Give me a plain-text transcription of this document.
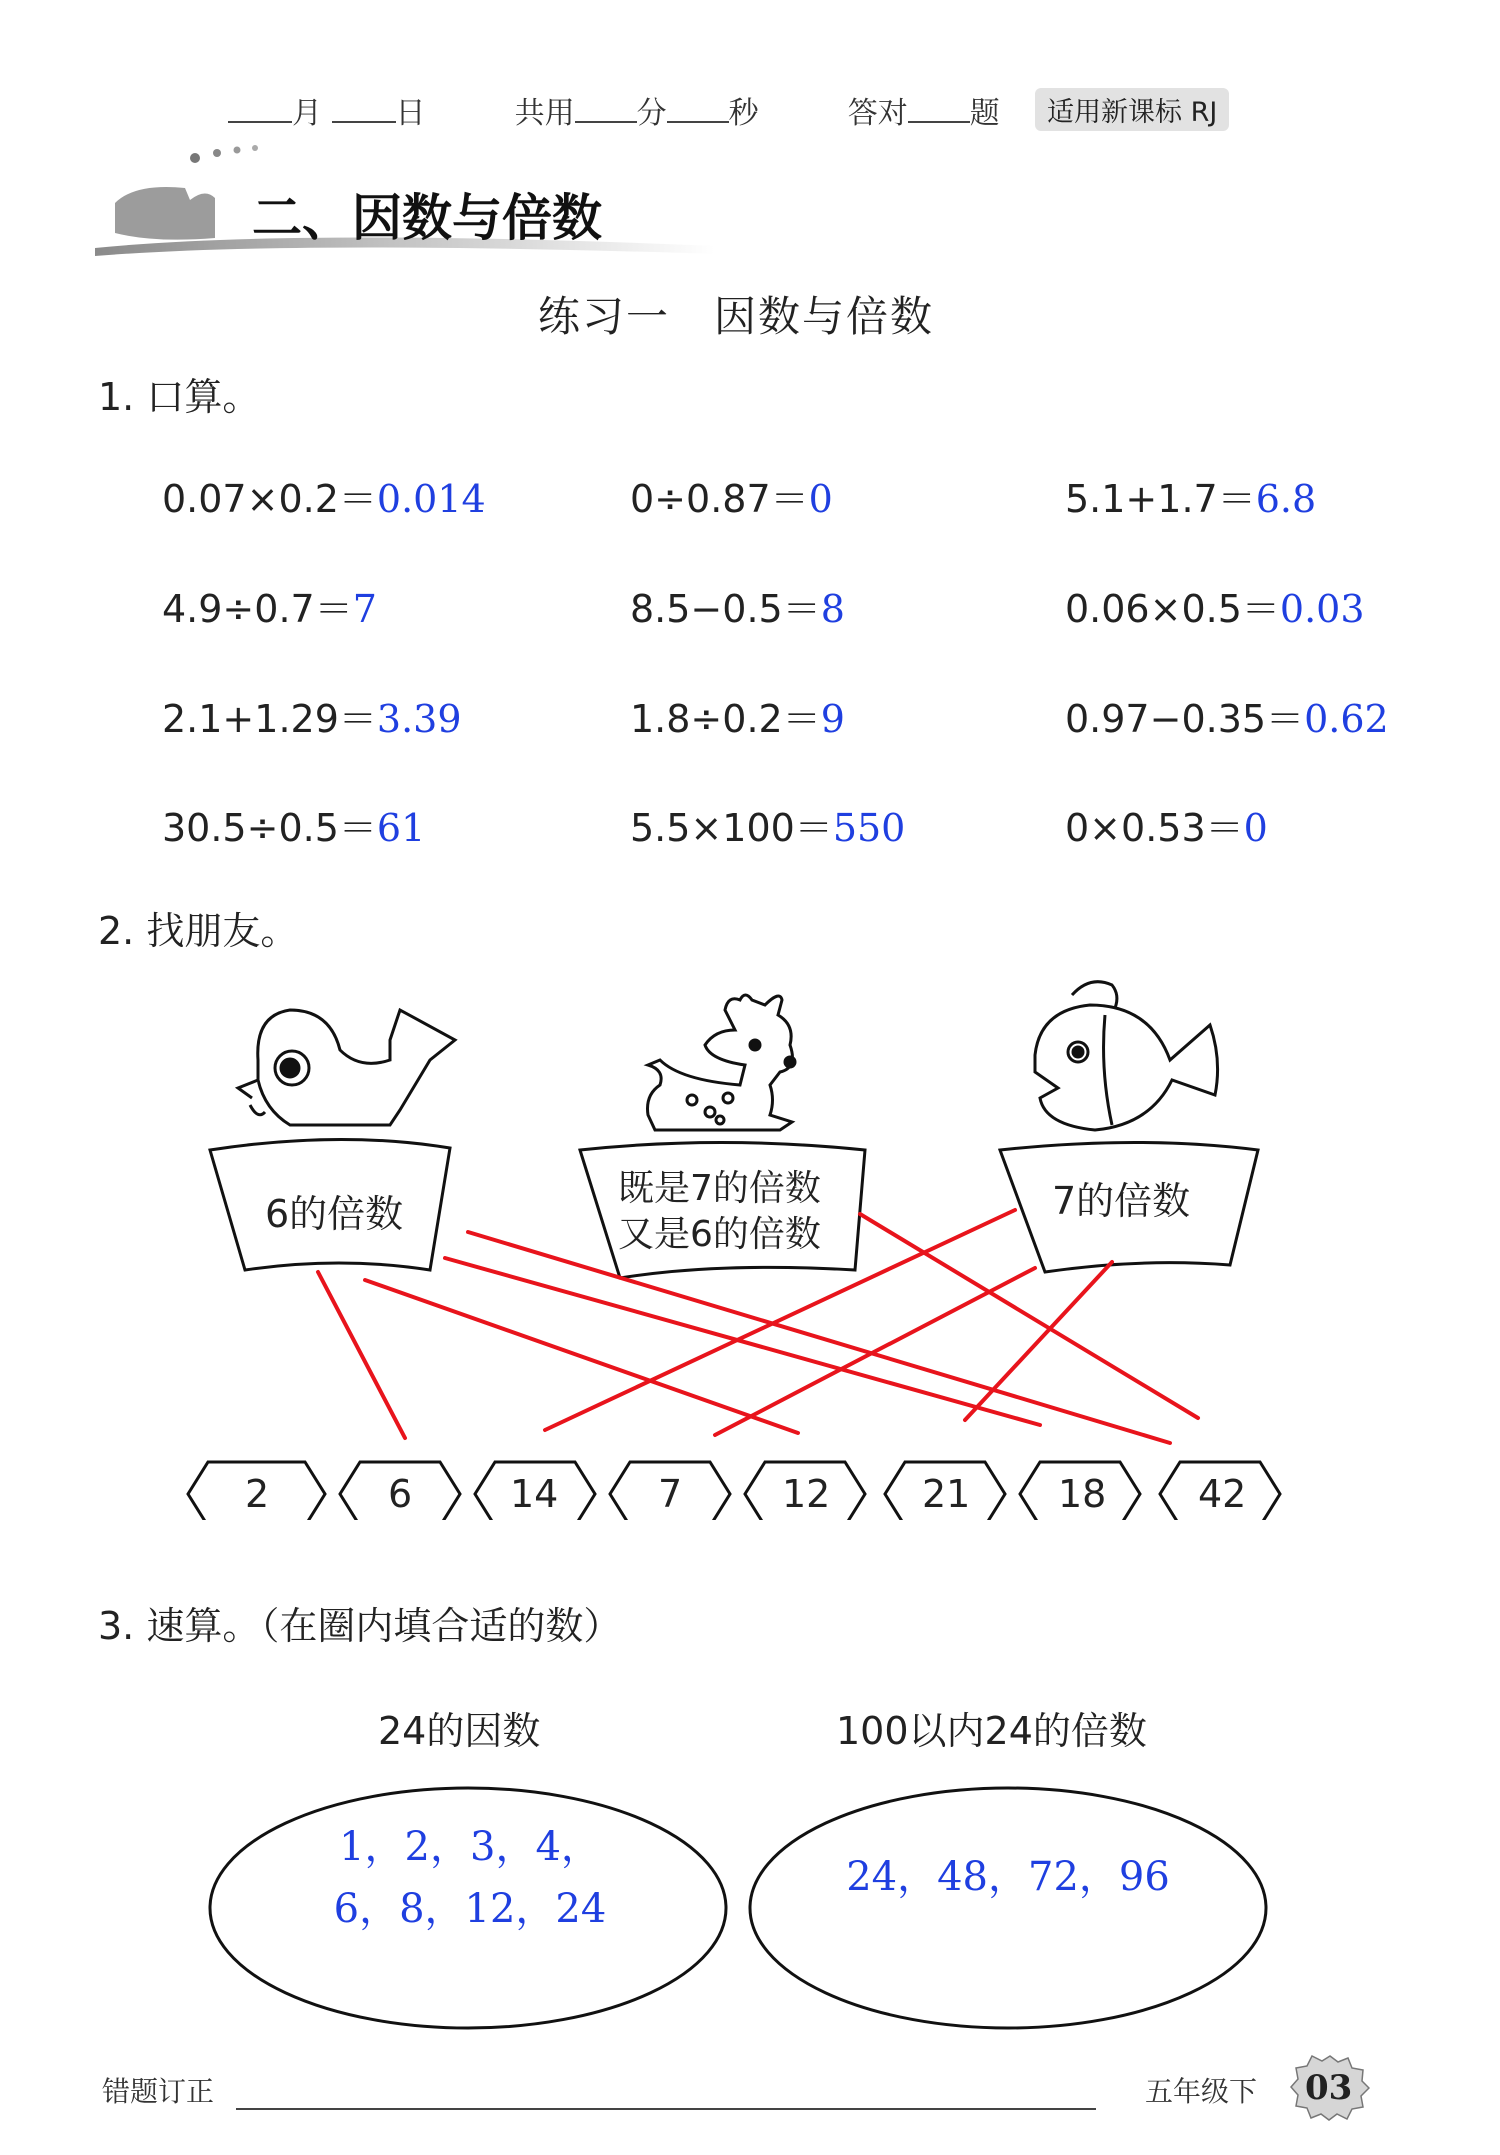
月 日	共用 分 秒	答对 题	适用新课标 RJ
二、因数与倍数
练习一　因数与倍数
1. 口算。
0.07×0.2＝0.014	0÷0.87＝0	5.1+1.7＝6.8
4.9÷0.7＝7	8.5−0.5＝8	0.06×0.5＝0.03
2.1+1.29＝3.39	1.8÷0.2＝9	0.97−0.35＝0.62
30.5÷0.5＝61	5.5×100＝550	0×0.53＝0
2. 找朋友。
6的倍数
既是7的倍数
又是6的倍数
7的倍数
2	6	14	7	12 21 18 42
3. 速算。（在圈内填合适的数）
24的因数	100以内24的倍数
1，2，3，4，
6，8，12，24
24，48，72，96
错题订正	五年级下 03
